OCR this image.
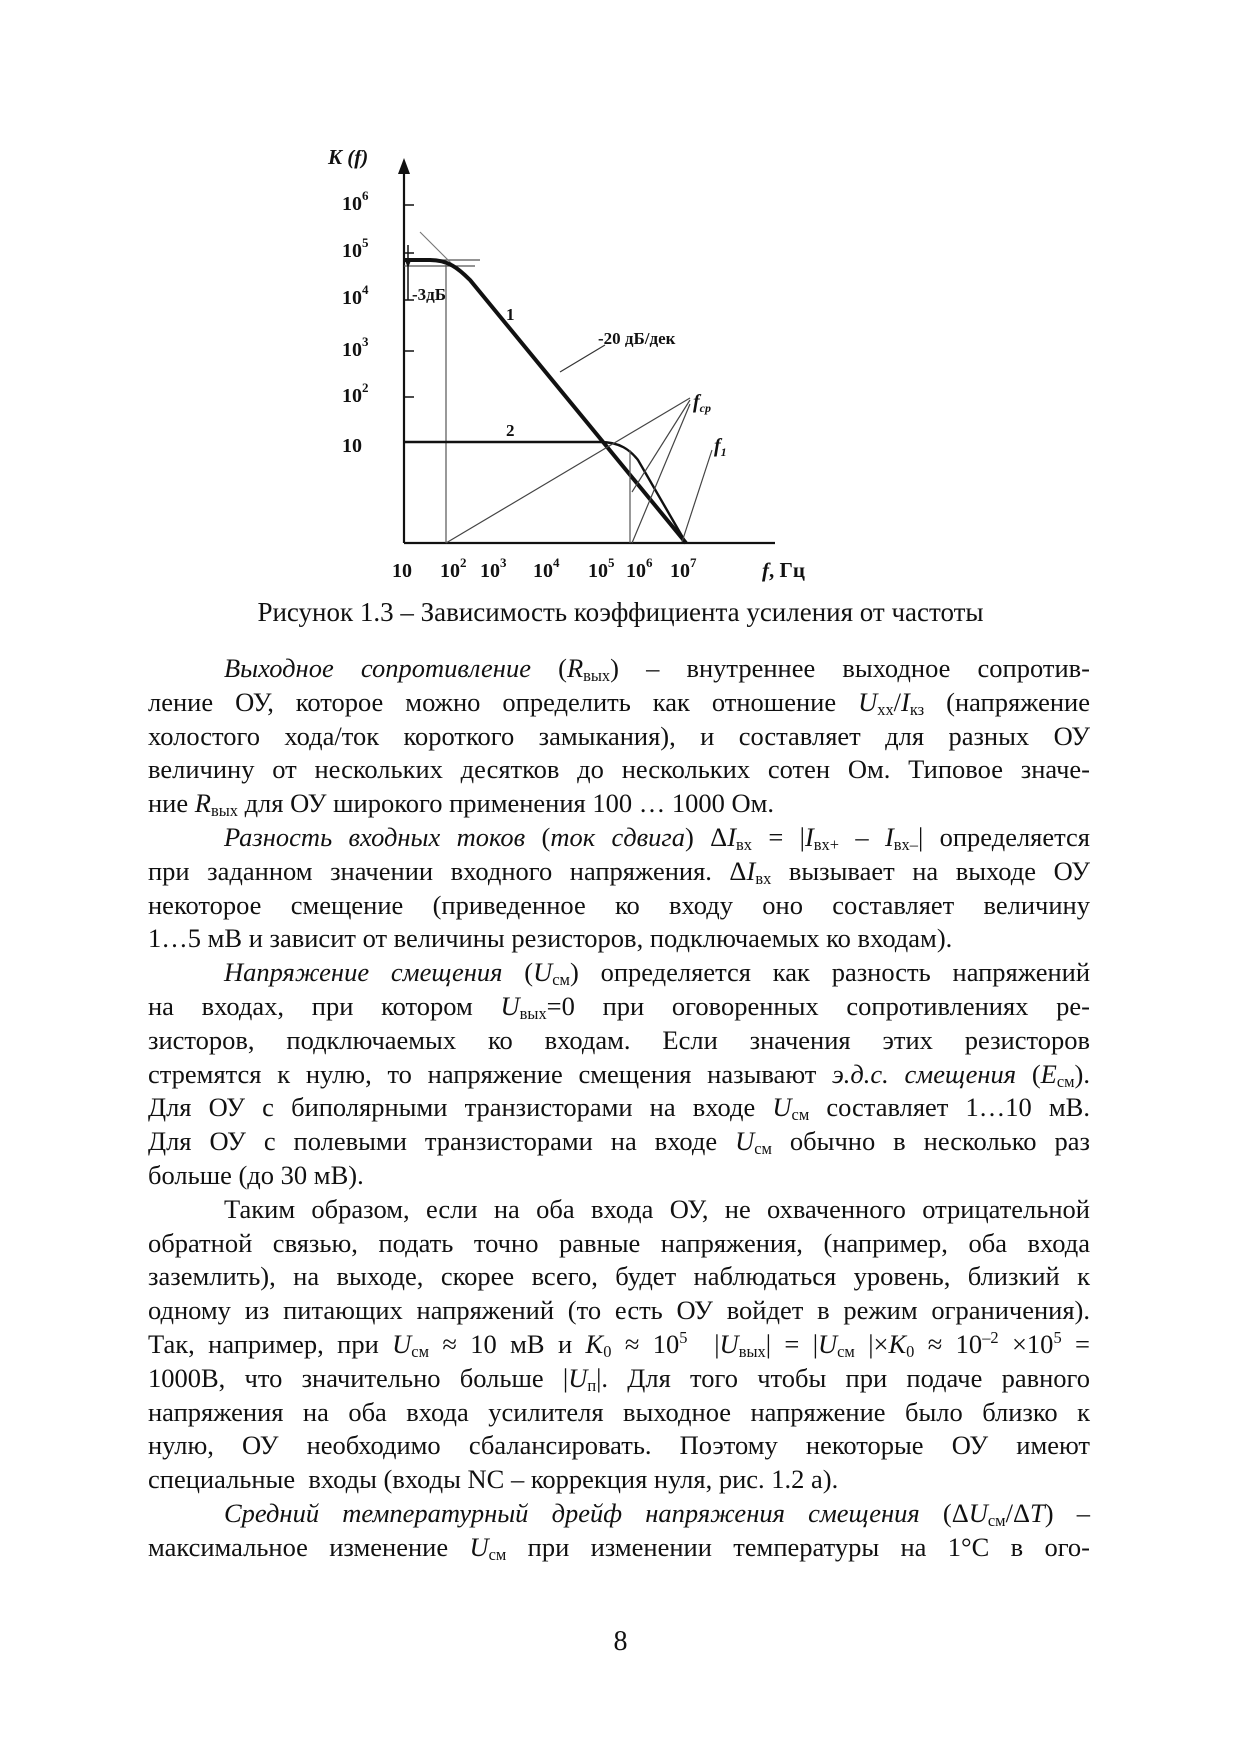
K (f)
$10^6$
$10^5$
$10^4$
$10^3$
$10^2$
10
10 $10^2$ $10^3$ $10^4$ $10^5$ $10^6$ $10^7$	f, Гц
-3дБ
1
2
-20 дБ/дек
$f_{ср}$
$f_1$
Рисунок 1.3 – Зависимость коэффициента усиления от частоты

Выходное сопротивление $(R_{вых})$ – внутреннее выходное сопротив-

ление ОУ, которое можно определить как отношение $U_{хх}/I_{кз}$ (напряжение

холостого хода/ток короткого замыкания), и составляет для разных ОУ

величину от нескольких десятков до нескольких сотен Ом. Типовое значе-

ние $R_{вых}$ для ОУ широкого применения 100 … 1000 Ом.

Разность входных токов (ток сдвига) $\Delta I_{вх} = |I_{вх+} - I_{вх-}|$ определяется

при заданном значении входного напряжения. $\Delta I_{вх}$ вызывает на выходе ОУ

некоторое смещение (приведенное ко входу оно составляет величину

1…5 мВ и зависит от величины резисторов, подключаемых ко входам).

Напряжение смещения $(U_{см})$ определяется как разность напряжений

на входах, при котором $U_{вых}=0$ при оговоренных сопротивлениях ре-

зисторов, подключаемых ко входам. Если значения этих резисторов

стремятся к нулю, то напряжение смещения называют э.д.с. смещения $(E_{см})$.

Для ОУ с биполярными транзисторами на входе $U_{см}$ составляет 1…10 мВ.

Для ОУ с полевыми транзисторами на входе $U_{см}$ обычно в несколько раз

больше (до 30 мВ).

Таким образом, если на оба входа ОУ, не охваченного отрицательной

обратной связью, подать точно равные напряжения, (например, оба входа

заземлить), на выходе, скорее всего, будет наблюдаться уровень, близкий к

одному из питающих напряжений (то есть ОУ войдет в режим ограничения).

Так, например, при $U_{см} \approx 10$ мВ и $K_0 \approx 10^5$  $|U_{вых}| = |U_{см}$ $|\times K_0 \approx 10^{-2} \times 10^5$ =

1000В, что значительно больше $|U_п|$. Для того чтобы при подаче равного

напряжения на оба входа усилителя выходное напряжение было близко к

нулю, ОУ необходимо сбалансировать. Поэтому некоторые ОУ имеют

специальные  входы (входы NC – коррекция нуля, рис. 1.2 а).

Средний температурный дрейф напряжения смещения $(\Delta U_{см}/\Delta T)$ –

максимальное изменение $U_{см}$ при изменении температуры на 1°С в ого-

8
